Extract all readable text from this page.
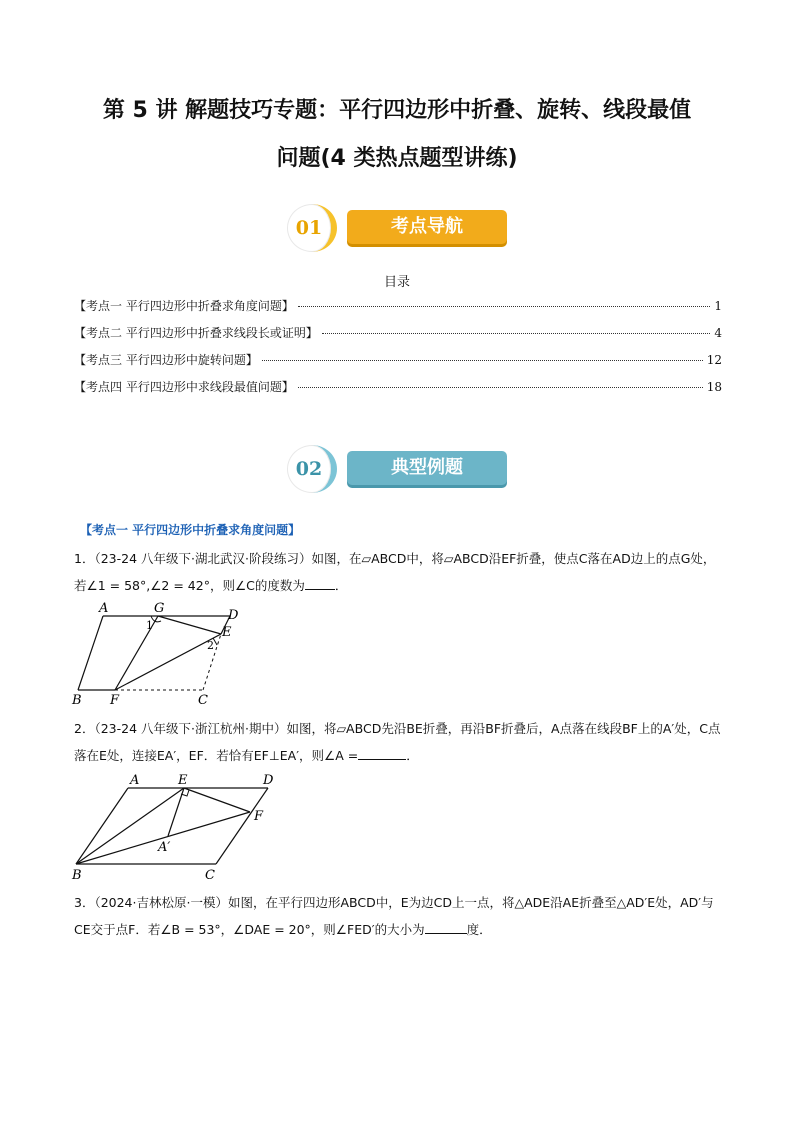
第 5 讲 解题技巧专题：平行四边形中折叠、旋转、线段最值
问题(4 类热点题型讲练)
01	考点导航
目录
【考点一 平行四边形中折叠求角度问题】	1
【考点二 平行四边形中折叠求线段长或证明】	4
【考点三 平行四边形中旋转问题】	12
【考点四 平行四边形中求线段最值问题】	18
02	典型例题
【考点一 平行四边形中折叠求角度问题】
1．（23-24 八年级下·湖北武汉·阶段练习）如图，在▱ABCD中，将▱ABCD沿EF折叠，使点C落在AD边上的点G处，若∠1 = 58°,∠2 = 42°，则∠C的度数为 ．
A	G	D
E
B F	C
1
2
2．（23-24 八年级下·浙江杭州·期中）如图，将▱ABCD先沿BE折叠，再沿BF折叠后，A点落在线段BF上的A′处，C点落在E处，连接EA′，EF．若恰有EF⊥EA′，则∠A =	．
A	E	D
F
A′
B	C
3．（2024·吉林松原·一模）如图，在平行四边形ABCD中，E为边CD上一点，将△ADE沿AE折叠至△AD′E处，AD′与CE交于点F．若∠B = 53°，∠DAE = 20°，则∠FED′的大小为	度．
